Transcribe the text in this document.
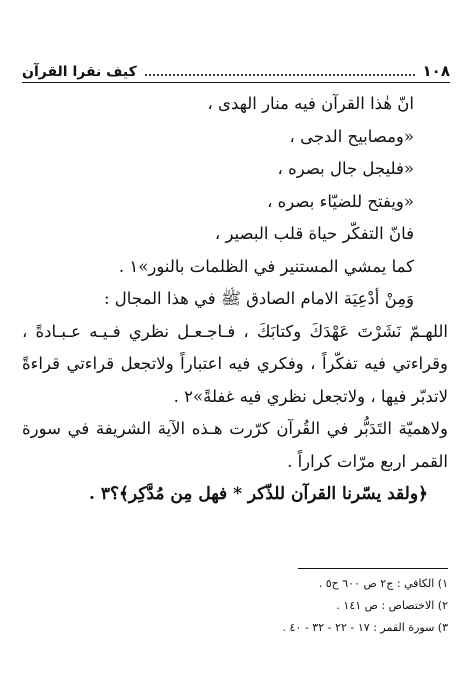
١٠٨
كيف نقرا القرآن
انّ هٰذا القرآن فيه منار الهدى ،
«ومصابيح الدجى ،
«فليجل جال بصره ،
«ويفتح للضيّاء بصره ،
فانّ التفكّر حياة قلب البصير ،
كما يمشي المستنير في الظلمات بالنور»١ .
وَمِنْ أدْعِيَة الامام الصادق ﷺ في هذا المجال :
اللهـمّ نَشَرْتَ عَهْدَكَ وكتابَكَ ، فـاجـعـل نظري فـيـه عـبـادةً ،
وقراءتي فيه تفكّراً ، وفكري فيه اعتباراً ولاتجعل قراءتي قراءةً
لاتدبّر فيها ، ولاتجعل نظري فيه غفلةً»٢ .
ولاهميّة التَدَبُّر في القُرآن كرّرت هـذه الآية الشريفة في سورة
القمر اربع مرّات كراراً .
﴿ولقد يسّرنا القرآن للذّكر * فهل مِن مُدَّكِر﴾؟٣ .
١) الكافي : ج٢ ص ٦٠٠ ح٥ .
٢) الاختصاص : ص ١٤١ .
٣) سورة القمر : ١٧ - ٢٢ - ٣٢ - ٤٠ .
